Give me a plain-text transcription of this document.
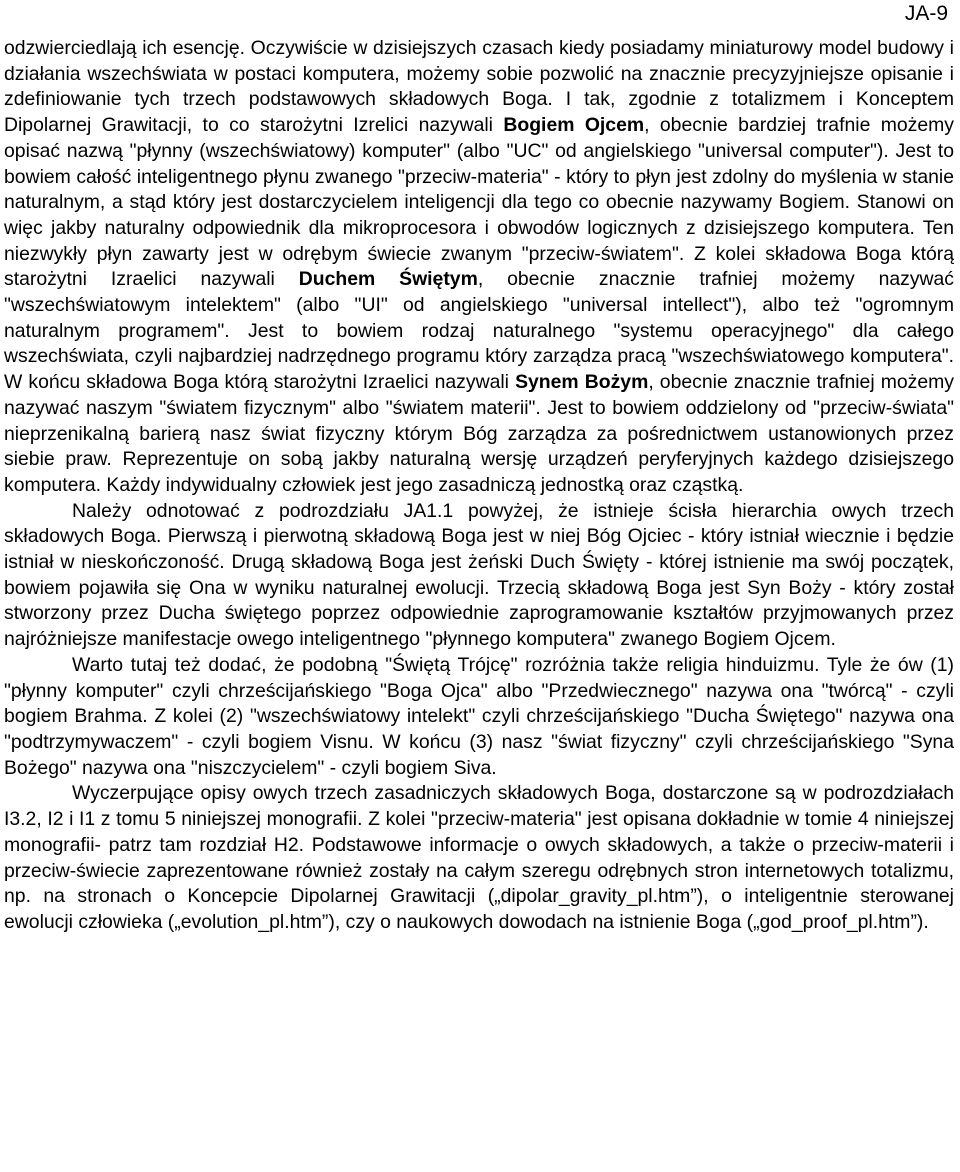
JA-9

odzwierciedlają ich esencję. Oczywiście w dzisiejszych czasach kiedy posiadamy miniaturowy model budowy i działania wszechświata w postaci komputera, możemy sobie pozwolić na znacznie precyzyjniejsze opisanie i zdefiniowanie tych trzech podstawowych składowych Boga. I tak, zgodnie z totalizmem i Konceptem Dipolarnej Grawitacji, to co starożytni Izrelici nazywali Bogiem Ojcem, obecnie bardziej trafnie możemy opisać nazwą "płynny (wszechświatowy) komputer" (albo "UC" od angielskiego "universal computer"). Jest to bowiem całość inteligentnego płynu zwanego "przeciw-materia" - który to płyn jest zdolny do myślenia w stanie naturalnym, a stąd który jest dostarczycielem inteligencji dla tego co obecnie nazywamy Bogiem. Stanowi on więc jakby naturalny odpowiednik dla mikroprocesora i obwodów logicznych z dzisiejszego komputera. Ten niezwykły płyn zawarty jest w odrębym świecie zwanym "przeciw-światem". Z kolei składowa Boga którą starożytni Izraelici nazywali Duchem Świętym, obecnie znacznie trafniej możemy nazywać "wszechświatowym intelektem" (albo "UI" od angielskiego "universal intellect"), albo też "ogromnym naturalnym programem". Jest to bowiem rodzaj naturalnego "systemu operacyjnego" dla całego wszechświata, czyli najbardziej nadrzędnego programu który zarządza pracą "wszechświatowego komputera". W końcu składowa Boga którą starożytni Izraelici nazywali Synem Bożym, obecnie znacznie trafniej możemy nazywać naszym "światem fizycznym" albo "światem materii". Jest to bowiem oddzielony od "przeciw-świata" nieprzenikalną barierą nasz świat fizyczny którym Bóg zarządza za pośrednictwem ustanowionych przez siebie praw. Reprezentuje on sobą jakby naturalną wersję urządzeń peryferyjnych każdego dzisiejszego komputera. Każdy indywidualny człowiek jest jego zasadniczą jednostką oraz cząstką.

Należy odnotować z podrozdziału JA1.1 powyżej, że istnieje ścisła hierarchia owych trzech składowych Boga. Pierwszą i pierwotną składową Boga jest w niej Bóg Ojciec - który istniał wiecznie i będzie istniał w nieskończoność. Drugą składową Boga jest żeński Duch Święty - której istnienie ma swój początek, bowiem pojawiła się Ona w wyniku naturalnej ewolucji. Trzecią składową Boga jest Syn Boży - który został stworzony przez Ducha świętego poprzez odpowiednie zaprogramowanie kształtów przyjmowanych przez najróżniejsze manifestacje owego inteligentnego "płynnego komputera" zwanego Bogiem Ojcem.

Warto tutaj też dodać, że podobną "Świętą Trójcę" rozróżnia także religia hinduizmu. Tyle że ów (1) "płynny komputer" czyli chrześcijańskiego "Boga Ojca" albo "Przedwiecznego" nazywa ona "twórcą" - czyli bogiem Brahma. Z kolei (2) "wszechświatowy intelekt" czyli chrześcijańskiego "Ducha Świętego" nazywa ona "podtrzymywaczem" - czyli bogiem Visnu. W końcu (3) nasz "świat fizyczny" czyli chrześcijańskiego "Syna Bożego" nazywa ona "niszczycielem" - czyli bogiem Siva.

Wyczerpujące opisy owych trzech zasadniczych składowych Boga, dostarczone są w podrozdziałach I3.2, I2 i I1 z tomu 5 niniejszej monografii. Z kolei "przeciw-materia" jest opisana dokładnie w tomie 4 niniejszej monografii- patrz tam rozdział H2. Podstawowe informacje o owych składowych, a także o przeciw-materii i przeciw-świecie zaprezentowane również zostały na całym szeregu odrębnych stron internetowych totalizmu, np. na stronach o Koncepcie Dipolarnej Grawitacji („dipolar_gravity_pl.htm”), o inteligentnie sterowanej ewolucji człowieka („evolution_pl.htm”), czy o naukowych dowodach na istnienie Boga („god_proof_pl.htm”).
